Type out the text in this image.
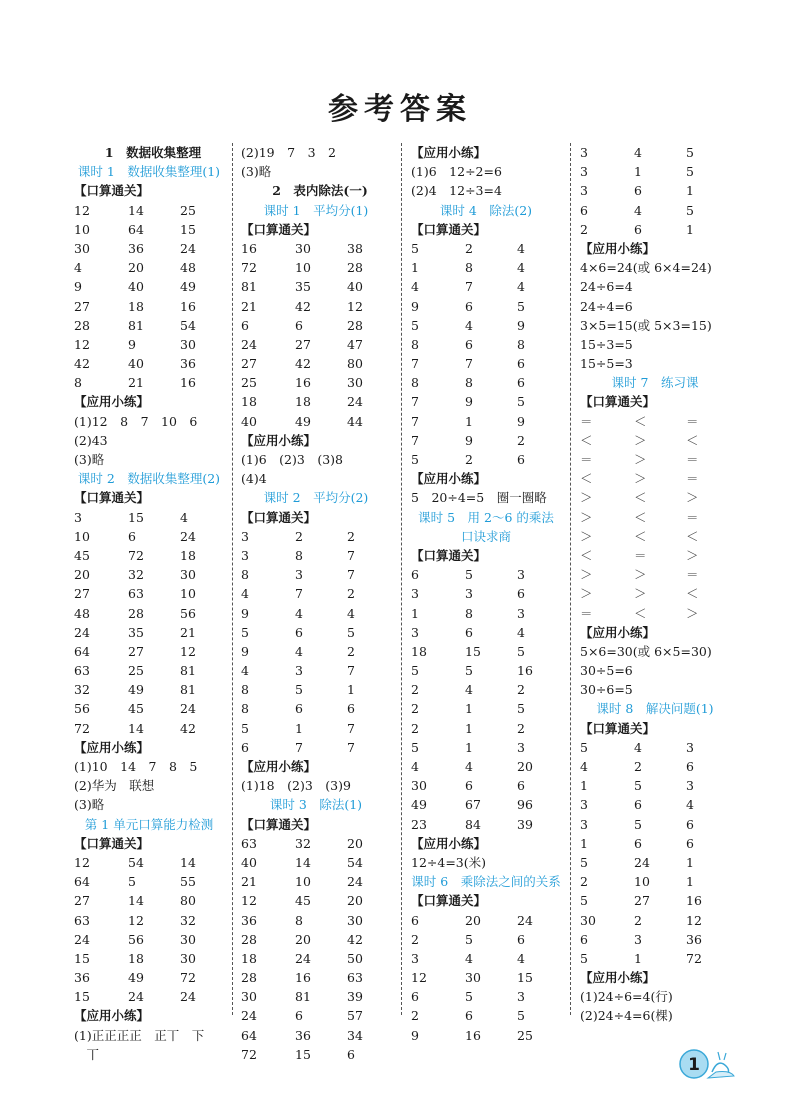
参考答案
1　数据收集整理
课时 1　数据收集整理(1)
【口算通关】
12	14	25
10	64	15
30	36	24
4	20	48
9	40	49
27	18	16
28	81	54
12	9	30
42	40	36
8	21	16
【应用小练】
(1)12　8　7　10　6
(2)43
(3)略
课时 2　数据收集整理(2)
【口算通关】
3	15	4
10	6	24
45	72	18
20	32	30
27	63	10
48	28	56
24	35	21
64	27	12
63	25	81
32	49	81
56	45	24
72	14	42
【应用小练】
(1)10　14　7　8　5
(2)华为　联想
(3)略
第 1 单元口算能力检测
【口算通关】
12	54	14
64	5	55
27	14	80
63	12	32
24	56	30
15	18	30
36	49	72
15	24	24
【应用小练】
(1)正正正正　正丅　下
　丅
(2)19　7　3　2
(3)略
2　表内除法(一)
课时 1　平均分(1)
【口算通关】
16	30	38
72	10	28
81	35	40
21	42	12
6	6	28
24	27	47
27	42	80
25	16	30
18	18	24
40	49	44
【应用小练】
(1)6　(2)3　(3)8
(4)4
课时 2　平均分(2)
【口算通关】
3	2	2
3	8	7
8	3	7
4	7	2
9	4	4
5	6	5
9	4	2
4	3	7
8	5	1
8	6	6
5	1	7
6	7	7
【应用小练】
(1)18　(2)3　(3)9
课时 3　除法(1)
【口算通关】
63	32	20
40	14	54
21	10	24
12	45	20
36	8	30
28	20	42
18	24	50
28	16	63
30	81	39
24	6	57
64	36	34
72	15	6
【应用小练】
(1)6　12÷2=6
(2)4　12÷3=4
课时 4　除法(2)
【口算通关】
5	2	4
1	8	4
4	7	4
9	6	5
5	4	9
8	6	8
7	7	6
8	8	6
7	9	5
7	1	9
7	9	2
5	2	6
【应用小练】
5　20÷4=5　圈一圈略
课时 5　用 2～6 的乘法
口诀求商
【口算通关】
6	5	3
3	3	6
1	8	3
3	6	4
18	15	5
5	5	16
2	4	2
2	1	5
2	1	2
5	1	3
4	4	20
30	6	6
49	67	96
23	84	39
【应用小练】
12÷4=3(米)
课时 6　乘除法之间的关系
【口算通关】
6	20	24
2	5	6
3	4	4
12	30	15
6	5	3
2	6	5
9	16	25
3	4	5
3	1	5
3	6	1
6	4	5
2	6	1
【应用小练】
4×6=24(或 6×4=24)
24÷6=4
24÷4=6
3×5=15(或 5×3=15)
15÷3=5
15÷5=3
课时 7　练习课
【口算通关】
＝	＜	＝
＜	＞	＜
＝	＞	＝
＜	＞	＝
＞	＜	＞
＞	＜	＝
＞	＜	＜
＜	＝	＞
＞	＞	＝
＞	＞	＜
＝	＜	＞
【应用小练】
5×6=30(或 6×5=30)
30÷5=6
30÷6=5
课时 8　解决问题(1)
【口算通关】
5	4	3
4	2	6
1	5	3
3	6	4
3	5	6
1	6	6
5	24	1
2	10	1
5	27	16
30	2	12
6	3	36
5	1	72
【应用小练】
(1)24÷6=4(行)
(2)24÷4=6(棵)
1
